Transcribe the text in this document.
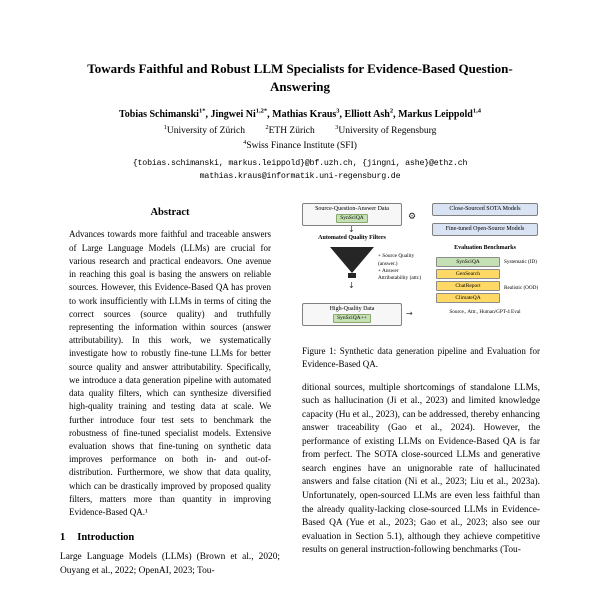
Towards Faithful and Robust LLM Specialists for Evidence-Based Question-Answering
Tobias Schimanski$^{1*}$, Jingwei $Ni^{1,2*}$, Mathias Kraus$^3$, Elliott Ash$^2$, Markus Leippold$^{1,4}$
$^1$University of Zürich	$^2$ETH Zürich	$^3$University of Regensburg
$^4$Swiss Finance Institute (SFI)
{tobias.schimanski, markus.leippold}@bf.uzh.ch, {jingni, ashe}@ethz.ch
mathias.kraus@informatik.uni-regensburg.de
Abstract

Advances towards more faithful and traceable answers of Large Language Models (LLMs) are crucial for various research and practical endeavors. One avenue in reaching this goal is basing the answers on reliable sources. However, this Evidence-Based QA has proven to work insufficiently with LLMs in terms of citing the correct sources (source quality) and truthfully representing the information within sources (answer attributability). In this work, we systematically investigate how to robustly fine-tune LLMs for better source quality and answer attributability. Specifically, we introduce a data generation pipeline with automated data quality filters, which can synthesize diversified high-quality training and testing data at scale. We further introduce four test sets to benchmark the robustness of fine-tuned specialist models. Extensive evaluation shows that fine-tuning on synthetic data improves performance on both in- and out-of-distribution. Furthermore, we show that data quality, which can be drastically improved by proposed quality filters, matters more than quantity in improving Evidence-Based QA.¹

1 Introduction

Large Language Models (LLMs) (Brown et al., 2020; Ouyang et al., 2022; OpenAI, 2023; Tou-

Source-Question-Answer Data
SynSciQA
↓
Automated Quality Filters
+ Source Quality (answer.)
+ Answer Attributability (attr.)
↓
High-Quality Data
SynSciQA++	→
⚙
Close-Sourced SOTA Models
Fine-tuned Open-Source Models
Evaluation Benchmarks
SynSciQA
GenSearch
ChatReport
ClimateQA
Systematic (ID)
Realistic (OOD)
Source., Attr., Human/GPT-4 Eval
Figure 1: Synthetic data generation pipeline and Evaluation for Evidence-Based QA.

ditional sources, multiple shortcomings of standalone LLMs, such as hallucination (Ji et al., 2023) and limited knowledge capacity (Hu et al., 2023), can be addressed, thereby enhancing answer traceability (Gao et al., 2024). However, the performance of existing LLMs on Evidence-Based QA is far from perfect. The SOTA close-sourced LLMs and generative search engines have an unignorable rate of hallucinated answers and false citation (Ni et al., 2023; Liu et al., 2023a). Unfortunately, open-sourced LLMs are even less faithful than the already quality-lacking close-sourced LLMs in Evidence-Based QA (Yue et al., 2023; Gao et al., 2023; also see our evaluation in Section 5.1), although they achieve competitive results on general instruction-following benchmarks (Tou-
